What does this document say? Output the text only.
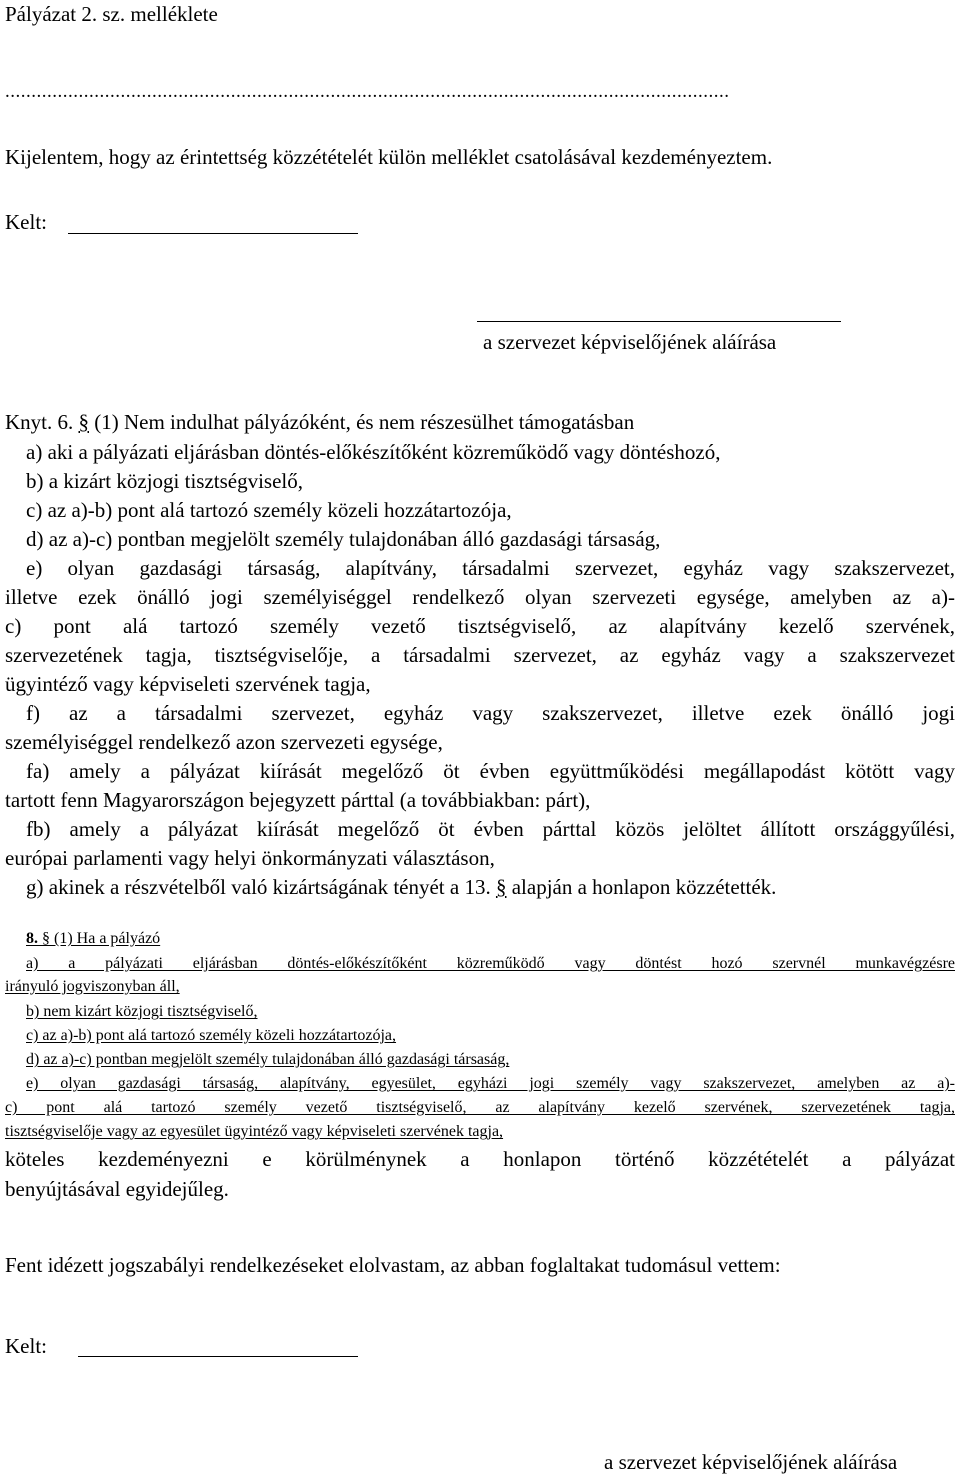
Pályázat 2. sz. melléklete
..........................................................................................................................................
Kijelentem, hogy az érintettség közzétételét külön melléklet csatolásával kezdeményeztem.
Kelt:
a szervezet képviselőjének aláírása
Knyt. 6. § (1) Nem indulhat pályázóként, és nem részesülhet támogatásban
a) aki a pályázati eljárásban döntés-előkészítőként közreműködő vagy döntéshozó,
b) a kizárt közjogi tisztségviselő,
c) az a)-b) pont alá tartozó személy közeli hozzátartozója,
d) az a)-c) pontban megjelölt személy tulajdonában álló gazdasági társaság,
e) olyan gazdasági társaság, alapítvány, társadalmi szervezet, egyház vagy szakszervezet,
illetve ezek önálló jogi személyiséggel rendelkező olyan szervezeti egysége, amelyben az a)-
c) pont alá tartozó személy vezető tisztségviselő, az alapítvány kezelő szervének,
szervezetének tagja, tisztségviselője, a társadalmi szervezet, az egyház vagy a szakszervezet
ügyintéző vagy képviseleti szervének tagja,
f) az a társadalmi szervezet, egyház vagy szakszervezet, illetve ezek önálló jogi
személyiséggel rendelkező azon szervezeti egysége,
fa) amely a pályázat kiírását megelőző öt évben együttműködési megállapodást kötött vagy
tartott fenn Magyarországon bejegyzett párttal (a továbbiakban: párt),
fb) amely a pályázat kiírását megelőző öt évben párttal közös jelöltet állított országgyűlési,
európai parlamenti vagy helyi önkormányzati választáson,
g) akinek a részvételből való kizártságának tényét a 13. § alapján a honlapon közzétették.
8. § (1) Ha a pályázó
a) a pályázati eljárásban döntés-előkészítőként közreműködő vagy döntést hozó szervnél munkavégzésre
irányuló jogviszonyban áll,
b) nem kizárt közjogi tisztségviselő,
c) az a)-b) pont alá tartozó személy közeli hozzátartozója,
d) az a)-c) pontban megjelölt személy tulajdonában álló gazdasági társaság,
e) olyan gazdasági társaság, alapítvány, egyesület, egyházi jogi személy vagy szakszervezet, amelyben az a)-
c) pont alá tartozó személy vezető tisztségviselő, az alapítvány kezelő szervének, szervezetének tagja,
tisztségviselője vagy az egyesület ügyintéző vagy képviseleti szervének tagja,
köteles kezdeményezni e körülménynek a honlapon történő közzétételét a pályázat
benyújtásával egyidejűleg.
Fent idézett jogszabályi rendelkezéseket elolvastam, az abban foglaltakat tudomásul vettem:
Kelt:
a szervezet képviselőjének aláírása
